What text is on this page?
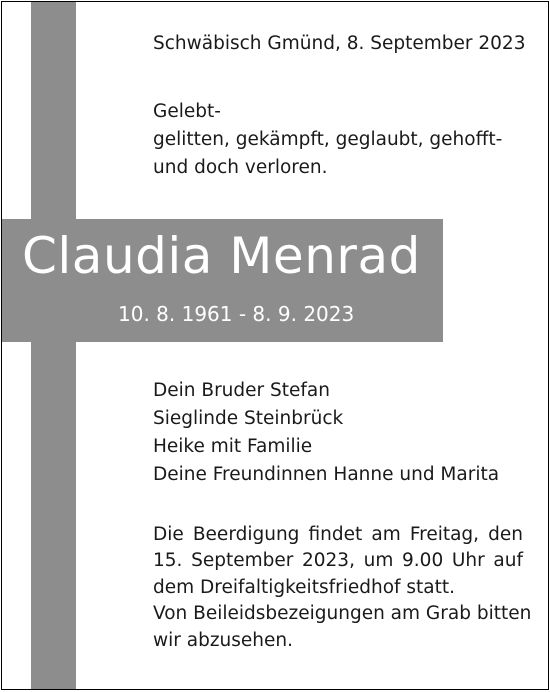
Schwäbisch Gmünd, 8. September 2023
Gelebt-
gelitten, gekämpft, geglaubt, gehofft-
und doch verloren.
Claudia Menrad
10. 8. 1961 - 8. 9. 2023
Dein Bruder Stefan
Sieglinde Steinbrück
Heike mit Familie
Deine Freundinnen Hanne und Marita
Die Beerdigung findet am Freitag, den
15. September 2023, um 9.00 Uhr auf
dem Dreifaltigkeitsfriedhof statt.
Von Beileidsbezeigungen am Grab bitten
wir abzusehen.
